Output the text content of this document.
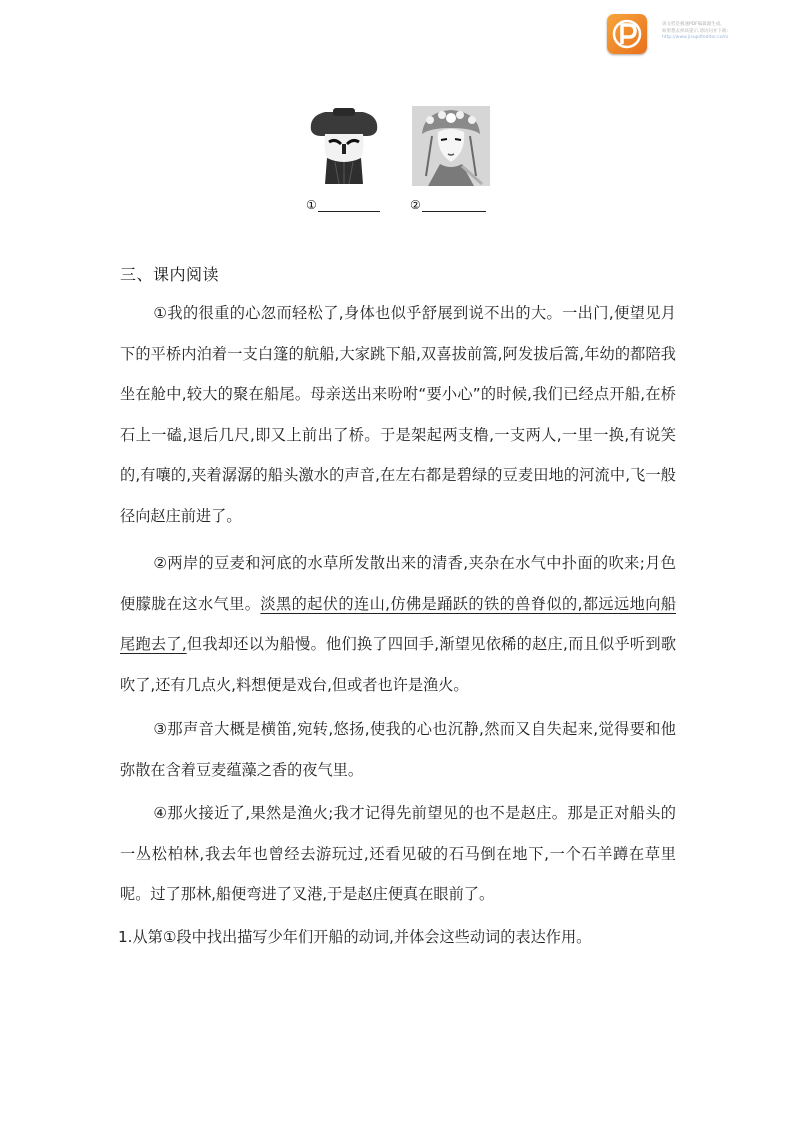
该文档是极速PDF编辑器生成,
如果想去掉该提示,请访问并下载:
http://www.jisupdfeditor.com/
①	②
三、课内阅读

①我的很重的心忽而轻松了,身体也似乎舒展到说不出的大。一出门,便望见月下的平桥内泊着一支白篷的航船,大家跳下船,双喜拔前篙,阿发拔后篙,年幼的都陪我坐在舱中,较大的聚在船尾。母亲送出来吩咐“要小心”的时候,我们已经点开船,在桥石上一磕,退后几尺,即又上前出了桥。于是架起两支橹,一支两人,一里一换,有说笑的,有嚷的,夹着潺潺的船头激水的声音,在左右都是碧绿的豆麦田地的河流中,飞一般径向赵庄前进了。

②两岸的豆麦和河底的水草所发散出来的清香,夹杂在水气中扑面的吹来;月色便朦胧在这水气里。淡黑的起伏的连山,仿佛是踊跃的铁的兽脊似的,都远远地向船尾跑去了,但我却还以为船慢。他们换了四回手,渐望见依稀的赵庄,而且似乎听到歌吹了,还有几点火,料想便是戏台,但或者也许是渔火。

③那声音大概是横笛,宛转,悠扬,使我的心也沉静,然而又自失起来,觉得要和他弥散在含着豆麦蕴藻之香的夜气里。

④那火接近了,果然是渔火;我才记得先前望见的也不是赵庄。那是正对船头的一丛松柏林,我去年也曾经去游玩过,还看见破的石马倒在地下,一个石羊蹲在草里呢。过了那林,船便弯进了叉港,于是赵庄便真在眼前了。

1.从第①段中找出描写少年们开船的动词,并体会这些动词的表达作用。
